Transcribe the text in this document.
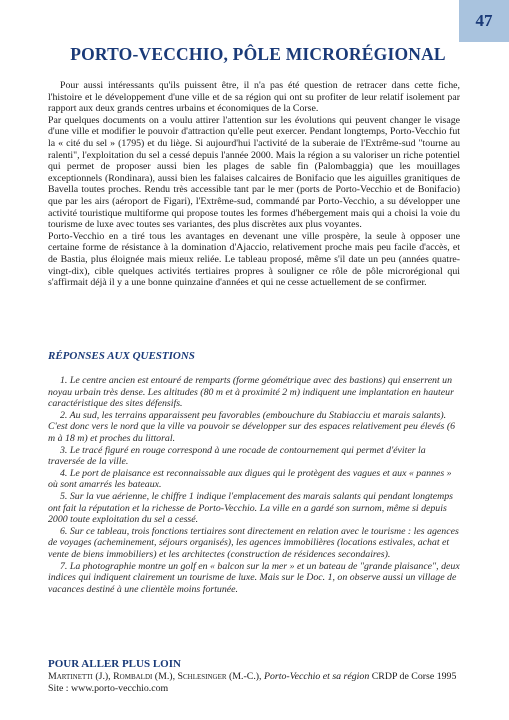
47
PORTO-VECCHIO, PÔLE MICRORÉGIONAL

Pour aussi intéressants qu'ils puissent être, il n'a pas été question de retracer dans cette fiche, l'histoire et le développement d'une ville et de sa région qui ont su profiter de leur relatif isolement par rapport aux deux grands centres urbains et économiques de la Corse.

Par quelques documents on a voulu attirer l'attention sur les évolutions qui peuvent changer le visage d'une ville et modifier le pouvoir d'attraction qu'elle peut exercer. Pendant longtemps, Porto-Vecchio fut la « cité du sel » (1795) et du liège. Si aujourd'hui l'activité de la suberaie de l'Extrême-sud "tourne au ralenti", l'exploitation du sel a cessé depuis l'année 2000. Mais la région a su valoriser un riche potentiel qui permet de proposer aussi bien les plages de sable fin (Palombaggia) que les mouillages exceptionnels (Rondinara), aussi bien les falaises calcaires de Bonifacio que les aiguilles granitiques de Bavella toutes proches. Rendu très accessible tant par le mer (ports de Porto-Vecchio et de Bonifacio) que par les airs (aéroport de Figari), l'Extrême-sud, commandé par Porto-Vecchio, a su développer une activité touristique multiforme qui propose toutes les formes d'hébergement mais qui a choisi la voie du tourisme de luxe avec toutes ses variantes, des plus discrètes aux plus voyantes.

Porto-Vecchio en a tiré tous les avantages en devenant une ville prospère, la seule à opposer une certaine forme de résistance à la domination d'Ajaccio, relativement proche mais peu facile d'accès, et de Bastia, plus éloignée mais mieux reliée. Le tableau proposé, même s'il date un peu (années quatre-vingt-dix), cible quelques activités tertiaires propres à souligner ce rôle de pôle microrégional qui s'affirmait déjà il y a une bonne quinzaine d'années et qui ne cesse actuellement de se confirmer.

RÉPONSES AUX QUESTIONS

1. Le centre ancien est entouré de remparts (forme géométrique avec des bastions) qui enserrent un noyau urbain très dense. Les altitudes (80 m et à proximité 2 m) indiquent une implantation en hauteur caractéristique des sites défensifs.

2. Au sud, les terrains apparaissent peu favorables (embouchure du Stabiacciu et marais salants). C'est donc vers le nord que la ville va pouvoir se développer sur des espaces relativement peu élevés (6 m à 18 m) et proches du littoral.

3. Le tracé figuré en rouge correspond à une rocade de contournement qui permet d'éviter la traversée de la ville.

4. Le port de plaisance est reconnaissable aux digues qui le protègent des vagues et aux « pannes » où sont amarrés les bateaux.

5. Sur la vue aérienne, le chiffre 1 indique l'emplacement des marais salants qui pendant longtemps ont fait la réputation et la richesse de Porto-Vecchio. La ville en a gardé son surnom, même si depuis 2000 toute exploitation du sel a cessé.

6. Sur ce tableau, trois fonctions tertiaires sont directement en relation avec le tourisme : les agences de voyages (acheminement, séjours organisés), les agences immobilières (locations estivales, achat et vente de biens immobiliers) et les architectes (construction de résidences secondaires).

7. La photographie montre un golf en « balcon sur la mer » et un bateau de "grande plaisance", deux indices qui indiquent clairement un tourisme de luxe. Mais sur le Doc. 1, on observe aussi un village de vacances destiné à une clientèle moins fortunée.

POUR ALLER PLUS LOIN

Martinetti (J.), Rombaldi (M.), Schlesinger (M.-C.), Porto-Vecchio et sa région CRDP de Corse 1995

Site : www.porto-vecchio.com
